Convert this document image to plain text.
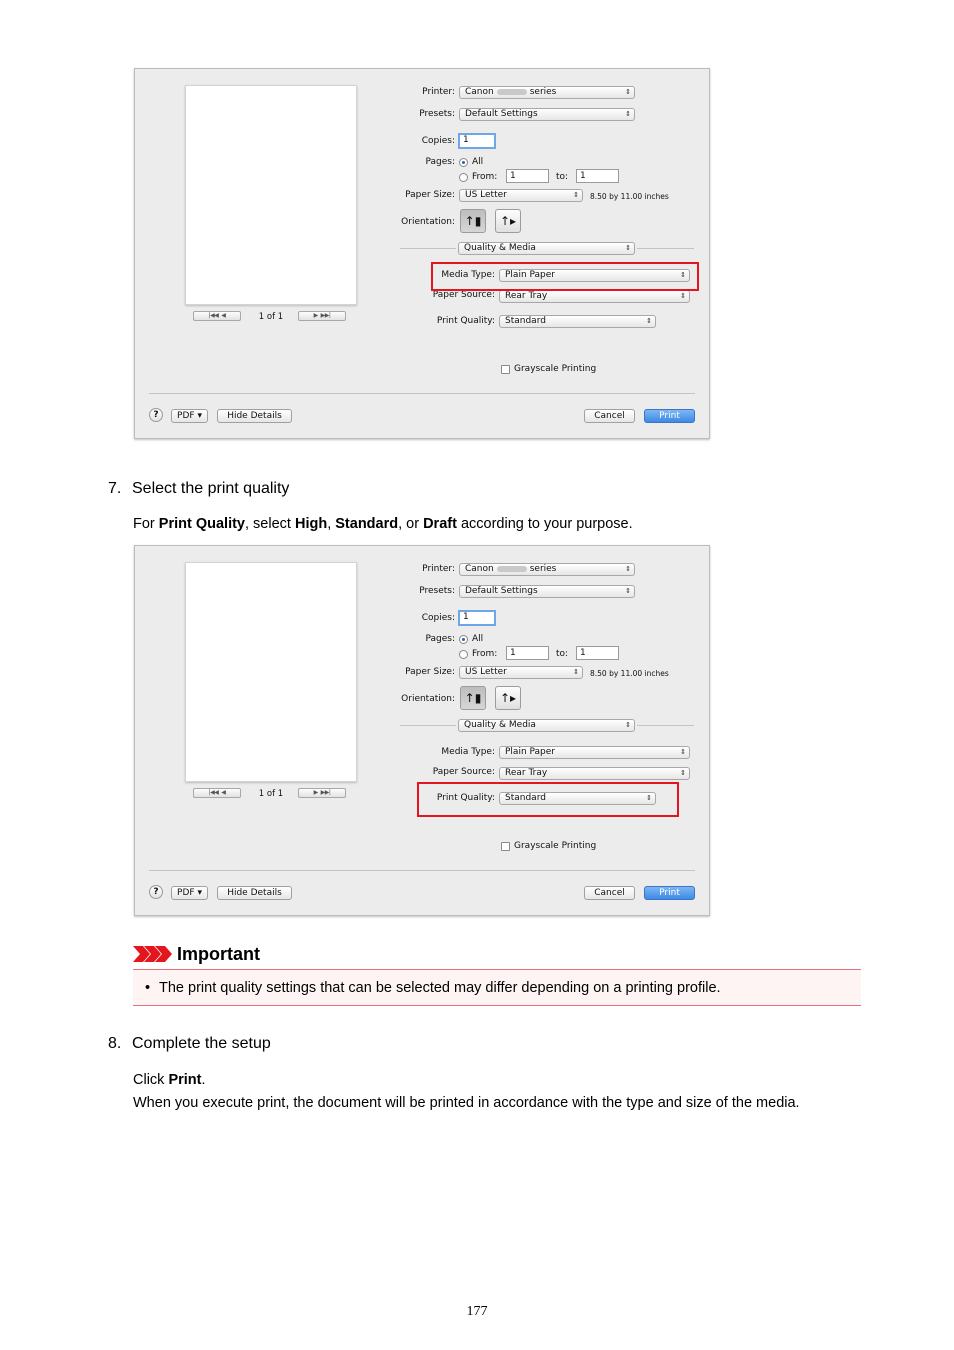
|◀◀  ◀	1 of 1	▶  ▶▶|
Printer:	Canon	series	⇕
Presets:	Default Settings	⇕
Copies: 1
Pages: All
From:	1	to:	1
Paper Size:	US Letter	⇕ 8.50 by 11.00 inches
Orientation: ↑▮	↑▸
Quality & Media	⇕
Media Type:	Plain Paper	⇕
Paper Source:	Rear Tray	⇕
Print Quality:	Standard	⇕
Grayscale Printing
?	PDF ▾	Hide Details	Cancel	Print
7. Select the print quality
For Print Quality, select High, Standard, or Draft according to your purpose.
|◀◀  ◀	1 of 1	▶  ▶▶|
Printer:	Canon	series	⇕
Presets:	Default Settings	⇕
Copies: 1
Pages: All
From:	1	to:	1
Paper Size:	US Letter	⇕ 8.50 by 11.00 inches
Orientation: ↑▮	↑▸
Quality & Media	⇕
Media Type:	Plain Paper	⇕
Paper Source:	Rear Tray	⇕
Print Quality:	Standard	⇕
Grayscale Printing
?	PDF ▾	Hide Details	Cancel	Print
Important
• The print quality settings that can be selected may differ depending on a printing profile.
8. Complete the setup
Click Print.
When you execute print, the document will be printed in accordance with the type and size of the media.
177
